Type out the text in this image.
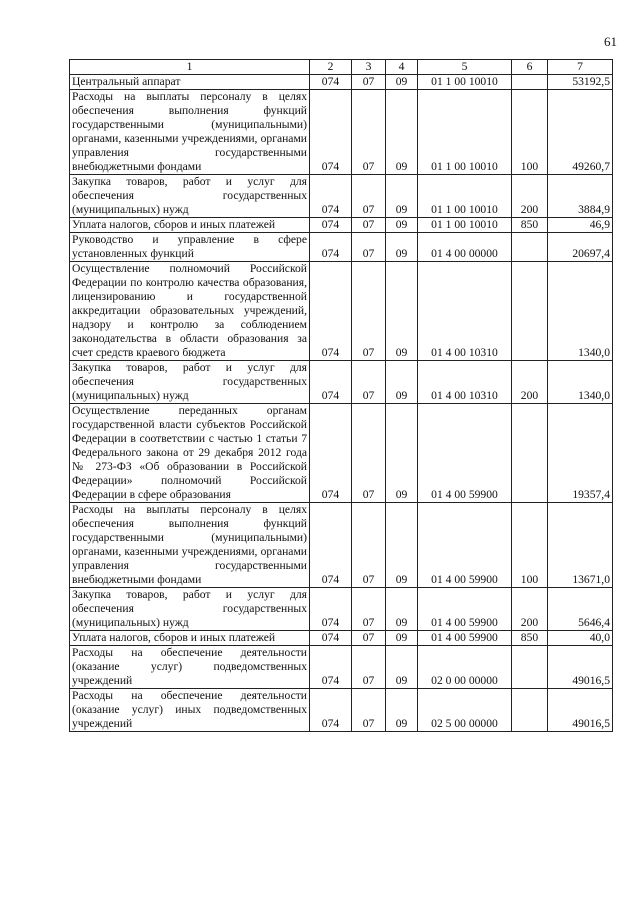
61
1	2	3	4	5	6	7
Центральный аппарат	074	07	09	01 1 00 10010		53192,5
Расходы на выплаты персоналу в целях обеспечения выполнения функций государственными (муниципальными) органами, казенными учреждениями, органами управления государственными внебюджетными фондами	074	07	09	01 1 00 10010	100	49260,7
Закупка товаров, работ и услуг для обеспечения государственных (муниципальных) нужд	074	07	09	01 1 00 10010	200	3884,9
Уплата налогов, сборов и иных платежей	074	07	09	01 1 00 10010	850	46,9
Руководство и управление в сфере установленных функций	074	07	09	01 4 00 00000		20697,4
Осуществление полномочий Российской Федерации по контролю качества образования, лицензированию и государственной аккредитации образовательных учреждений, надзору и контролю за соблюдением законодательства в области образования за счет средств краевого бюджета	074	07	09	01 4 00 10310		1340,0
Закупка товаров, работ и услуг для обеспечения государственных (муниципальных) нужд	074	07	09	01 4 00 10310	200	1340,0
Осуществление переданных органам государственной власти субъектов Российской Федерации в соответствии с частью 1 статьи 7 Федерального закона от 29 декабря 2012 года № 273-ФЗ «Об образовании в Российской Федерации» полномочий Российской Федерации в сфере образования	074	07	09	01 4 00 59900		19357,4
Расходы на выплаты персоналу в целях обеспечения выполнения функций государственными (муниципальными) органами, казенными учреждениями, органами управления государственными внебюджетными фондами	074	07	09	01 4 00 59900	100	13671,0
Закупка товаров, работ и услуг для обеспечения государственных (муниципальных) нужд	074	07	09	01 4 00 59900	200	5646,4
Уплата налогов, сборов и иных платежей	074	07	09	01 4 00 59900	850	40,0
Расходы на обеспечение деятельности (оказание услуг) подведомственных учреждений	074	07	09	02 0 00 00000		49016,5
Расходы на обеспечение деятельности (оказание услуг) иных подведомственных учреждений	074	07	09	02 5 00 00000		49016,5
